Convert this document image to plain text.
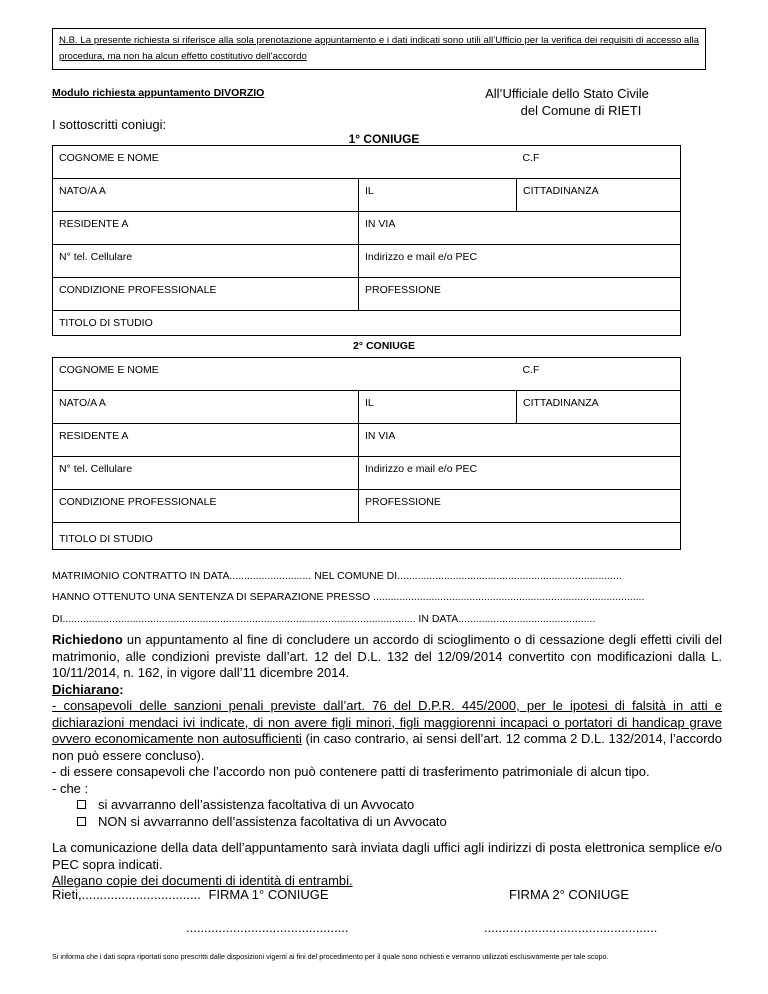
N.B. La presente richiesta si riferisce alla sola prenotazione appuntamento e i dati indicati sono utili all’Ufficio per la verifica dei requisiti di accesso alla procedura, ma non ha alcun effetto costitutivo dell’accordo
Modulo richiesta appuntamento DIVORZIO	All’Ufficiale dello Stato Civile
del Comune di RIETI
I sottoscritti coniugi:
1° CONIUGE
COGNOME E NOME		C.F
NATO/A A	IL	CITTADINANZA
RESIDENTE A	IN VIA	
N° tel. Cellulare	Indirizzo e mail e/o PEC	
CONDIZIONE PROFESSIONALE	PROFESSIONE	
TITOLO DI STUDIO		
2° CONIUGE
COGNOME E NOME		C.F
NATO/A A	IL	CITTADINANZA
RESIDENTE A	IN VIA	
N° tel. Cellulare	Indirizzo e mail e/o PEC	
CONDIZIONE PROFESSIONALE	PROFESSIONE	
TITOLO DI STUDIO		
MATRIMONIO CONTRATTO IN DATA............................ NEL COMUNE DI.............................................................................
HANNO OTTENUTO UNA SENTENZA DI SEPARAZIONE PRESSO .............................................................................................
DI......................................................................................................................... IN DATA...............................................
Richiedono un appuntamento al fine di concludere un accordo di scioglimento o di cessazione degli effetti civili del matrimonio, alle condizioni previste dall’art. 12 del D.L. 132 del 12/09/2014 convertito con modificazioni dalla L. 10/11/2014, n. 162, in vigore dall’11 dicembre 2014.
Dichiarano:
- consapevoli delle sanzioni penali previste dall’art. 76 del D.P.R. 445/2000, per le ipotesi di falsità in atti e dichiarazioni mendaci ivi indicate, di non avere figli minori, figli maggiorenni incapaci o portatori di handicap grave ovvero economicamente non autosufficienti (in caso contrario, ai sensi dell’art. 12 comma 2 D.L. 132/2014, l’accordo non può essere concluso).
- di essere consapevoli che l’accordo non può contenere patti di trasferimento patrimoniale di alcun tipo.
- che :
si avvarranno dell’assistenza facoltativa di un Avvocato
NON si avvarranno dell’assistenza facoltativa di un Avvocato
La comunicazione della data dell’appuntamento sarà inviata dagli uffici agli indirizzi di posta elettronica semplice e/o PEC sopra indicati.
Allegano copie dei documenti di identità di entrambi.
Rieti,................................. FIRMA 1° CONIUGE	FIRMA 2° CONIUGE
.............................................	................................................
Si informa che i dati sopra riportati sono prescritti dalle disposizioni vigenti ai fini del procedimento per il quale sono richiesti e verranno utilizzati esclusivamente per tale scopo.
